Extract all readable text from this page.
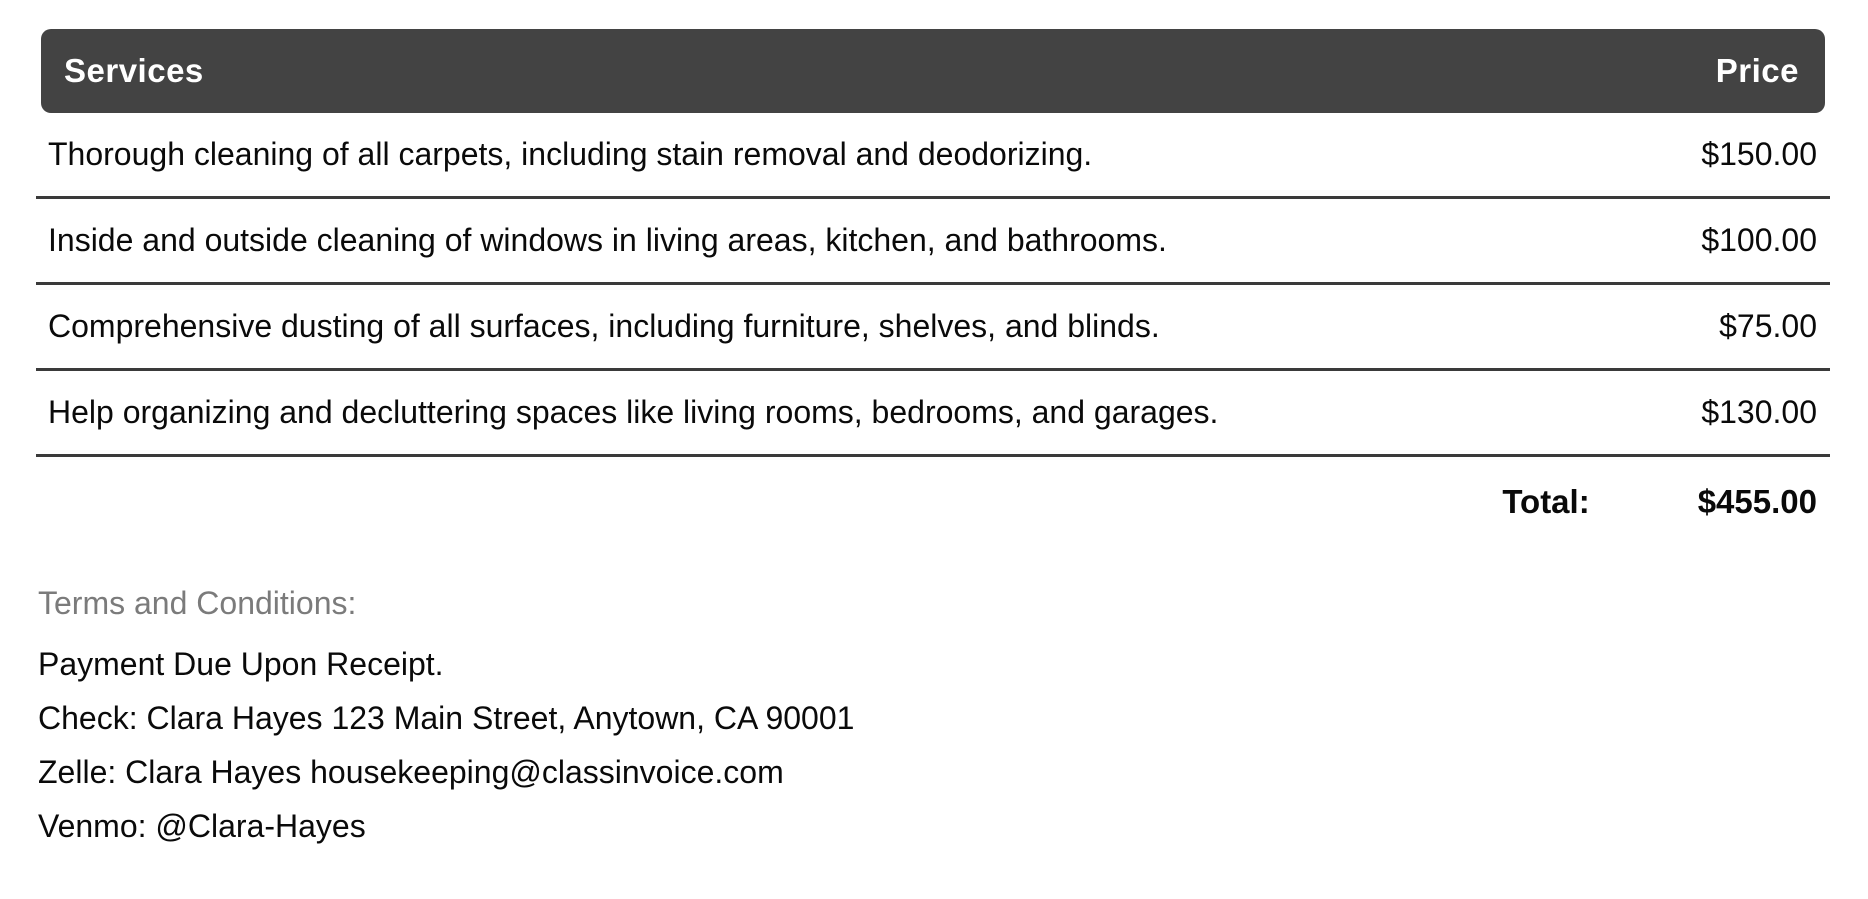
Services	Price
Thorough cleaning of all carpets, including stain removal and deodorizing.	$150.00
Inside and outside cleaning of windows in living areas, kitchen, and bathrooms.	$100.00
Comprehensive dusting of all surfaces, including furniture, shelves, and blinds.	$75.00
Help organizing and decluttering spaces like living rooms, bedrooms, and garages.	$130.00
Total:	$455.00
Terms and Conditions:
Payment Due Upon Receipt.
Check: Clara Hayes 123 Main Street, Anytown, CA 90001
Zelle: Clara Hayes housekeeping@classinvoice.com
Venmo: @Clara-Hayes
